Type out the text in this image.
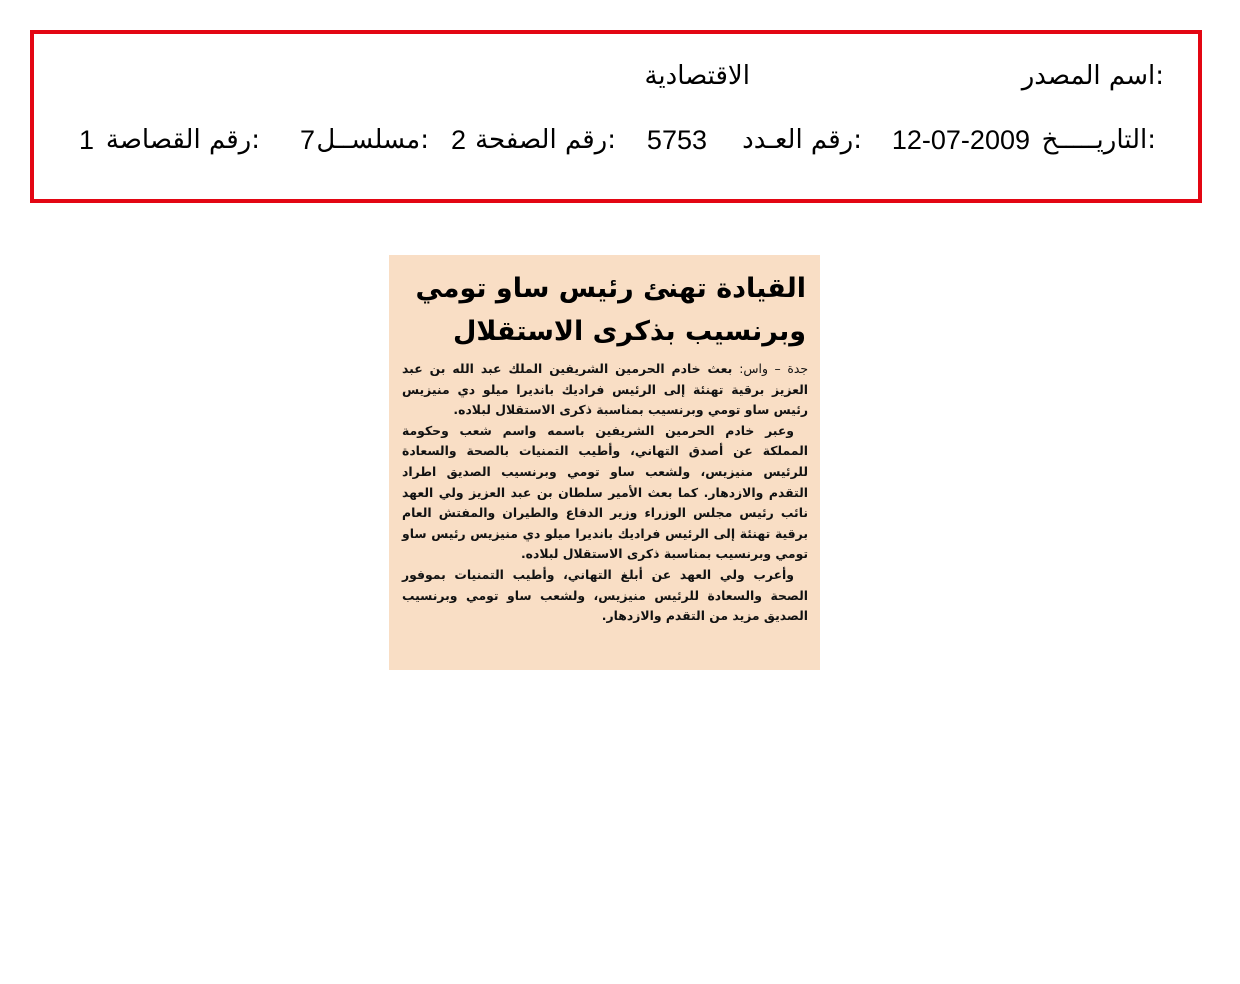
اسم المصدر:
الاقتصادية
التاريـــــخ:
12-07-2009
رقم العـدد:
5753
رقم الصفحة:
2
مسلســل:
7
رقم القصاصة:
1
القيادة تهنئ رئيس ساو تومي وبرنسيب بذكرى الاستقلال

جدة – واس: بعث خادم الحرمين الشريفين الملك عبد الله بن عبد العزيز برقية تهنئة إلى الرئيس فراديك بانديرا ميلو دي منيزيس رئيس ساو تومي وبرنسيب بمناسبة ذكرى الاستقلال لبلاده.

وعبر خادم الحرمين الشريفين باسمه واسم شعب وحكومة المملكة عن أصدق التهاني، وأطيب التمنيات بالصحة والسعادة للرئيس منيزيس، ولشعب ساو تومي وبرنسيب الصديق اطراد التقدم والازدهار. كما بعث الأمير سلطان بن عبد العزيز ولي العهد نائب رئيس مجلس الوزراء وزير الدفاع والطيران والمفتش العام برقية تهنئة إلى الرئيس فراديك بانديرا ميلو دي منيزيس رئيس ساو تومي وبرنسيب بمناسبة ذكرى الاستقلال لبلاده.

وأعرب ولي العهد عن أبلغ التهاني، وأطيب التمنيات بموفور الصحة والسعادة للرئيس منيزيس، ولشعب ساو تومي وبرنسيب الصديق مزيد من التقدم والازدهار.
